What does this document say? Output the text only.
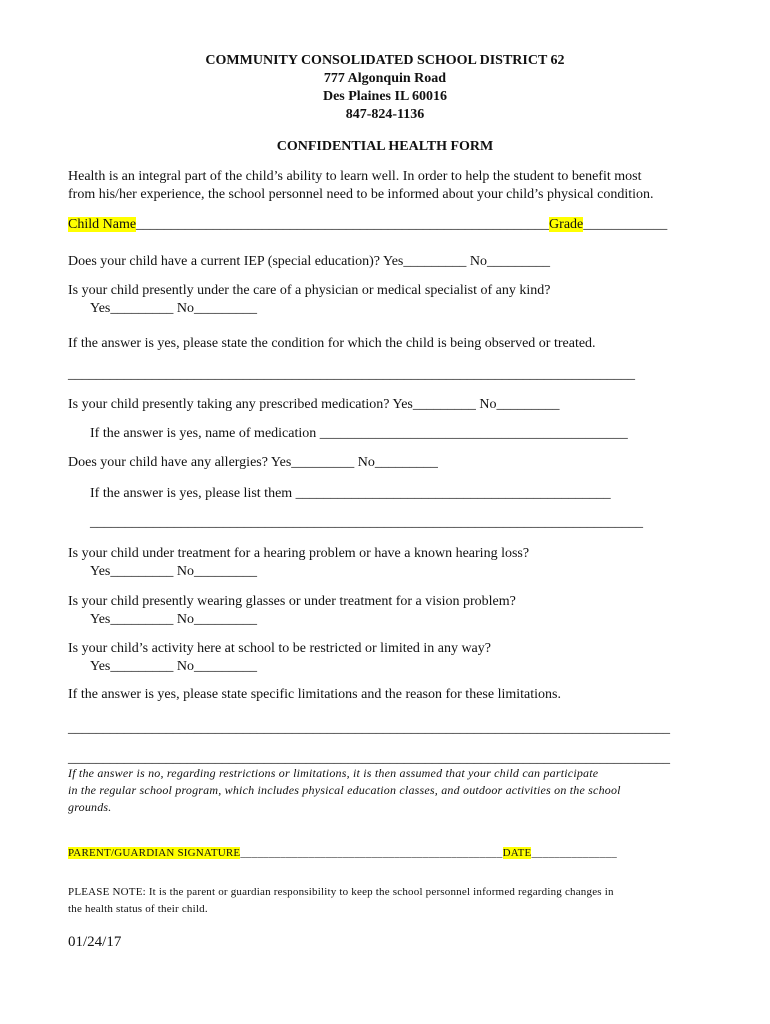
COMMUNITY CONSOLIDATED SCHOOL DISTRICT 62
777 Algonquin Road
Des Plaines IL 60016
847-824-1136
CONFIDENTIAL HEALTH FORM
Health is an integral part of the child’s ability to learn well. In order to help the student to benefit most
from his/her experience, the school personnel need to be informed about your child’s physical condition.
Child Name___________________________________________________________Grade____________
Does your child have a current IEP (special education)? Yes_________ No_________
Is your child presently under the care of a physician or medical specialist of any kind?
Yes_________ No_________
If the answer is yes, please state the condition for which the child is being observed or treated.
_________________________________________________________________________________
Is your child presently taking any prescribed medication? Yes_________ No_________
If the answer is yes, name of medication ____________________________________________
Does your child have any allergies? Yes_________ No_________
If the answer is yes, please list them _____________________________________________
_______________________________________________________________________________
Is your child under treatment for a hearing problem or have a known hearing loss?
Yes_________ No_________
Is your child presently wearing glasses or under treatment for a vision problem?
Yes_________ No_________
Is your child’s activity here at school to be restricted or limited in any way?
Yes_________ No_________
If the answer is yes, please state specific limitations and the reason for these limitations.
______________________________________________________________________________________
______________________________________________________________________________________
If the answer is no, regarding restrictions or limitations, it is then assumed that your child can participate
in the regular school program, which includes physical education classes, and outdoor activities on the school
grounds.
PARENT/GUARDIAN SIGNATURE______________________________________________DATE_______________
PLEASE NOTE: It is the parent or guardian responsibility to keep the school personnel informed regarding changes in
the health status of their child.
01/24/17
